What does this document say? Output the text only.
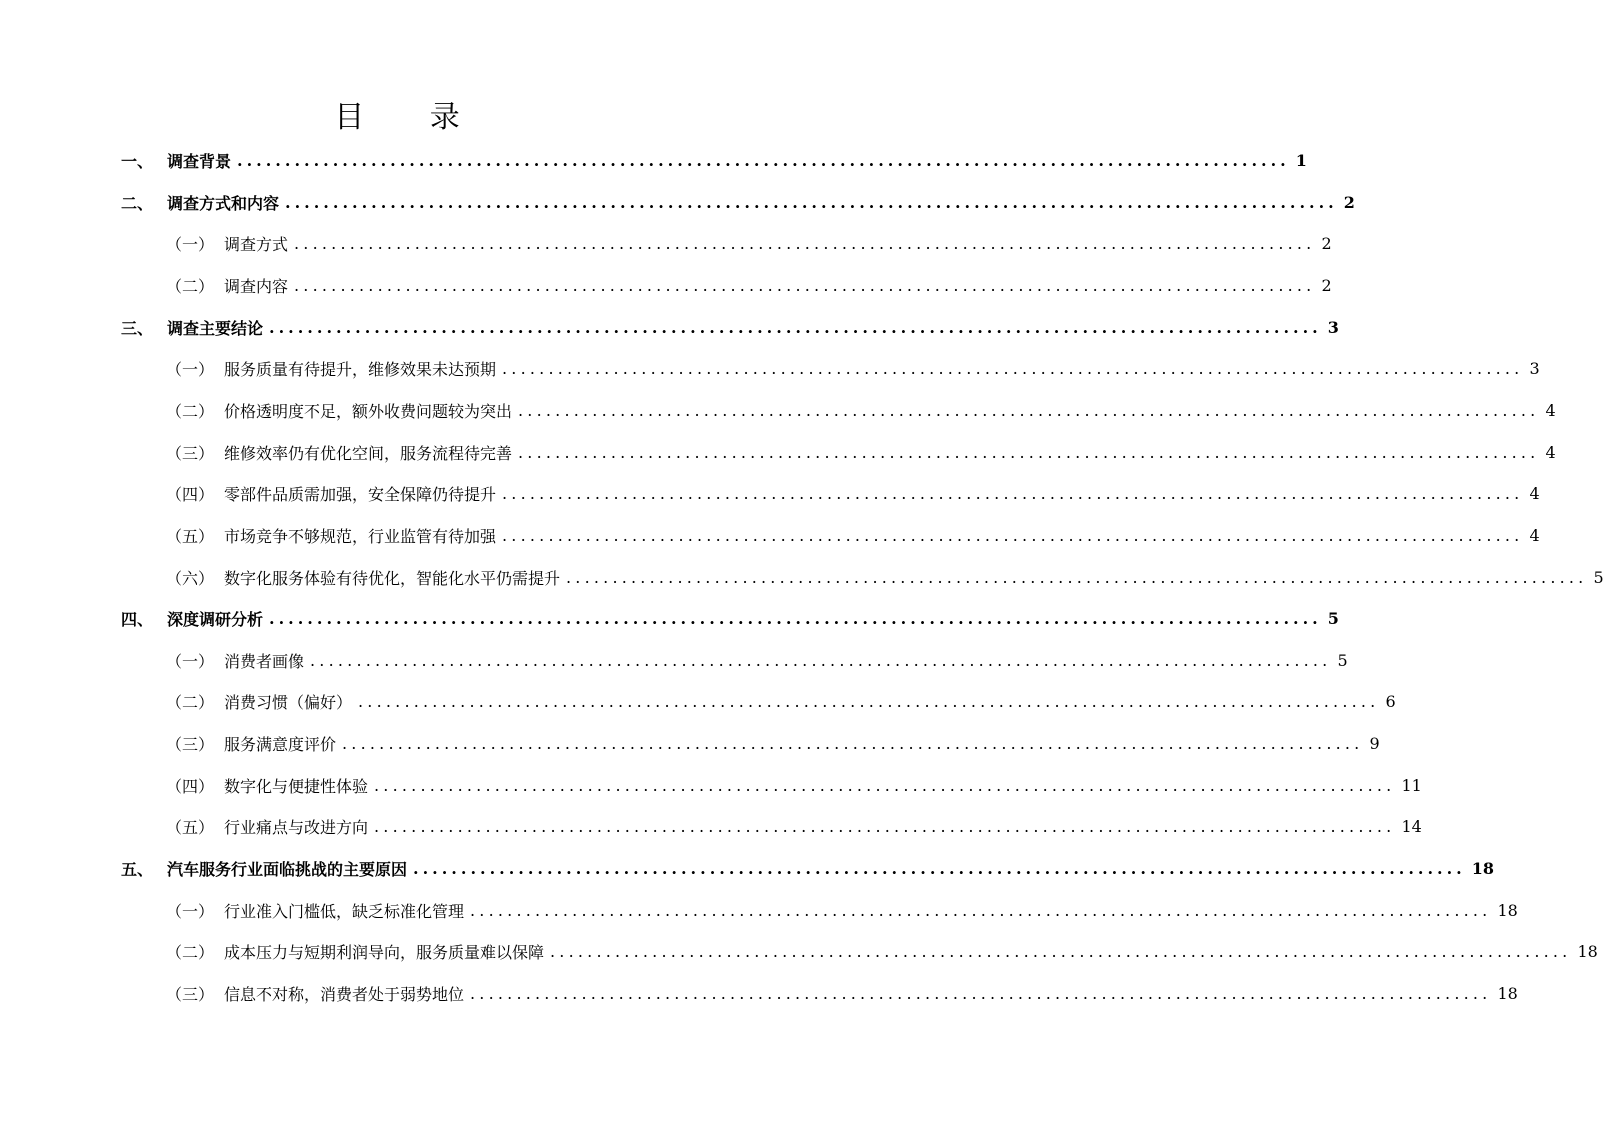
目 录
一、 调查背景 .............................................................................................................. 1
二、 调查方式和内容 .............................................................................................................. 2
（一） 调查方式 .............................................................................................................. 2
（二） 调查内容 .............................................................................................................. 2
三、 调查主要结论 .............................................................................................................. 3
（一） 服务质量有待提升，维修效果未达预期 .............................................................................................................. 3
（二） 价格透明度不足，额外收费问题较为突出 .............................................................................................................. 4
（三） 维修效率仍有优化空间，服务流程待完善 .............................................................................................................. 4
（四） 零部件品质需加强，安全保障仍待提升 .............................................................................................................. 4
（五） 市场竞争不够规范，行业监管有待加强 .............................................................................................................. 4
（六） 数字化服务体验有待优化，智能化水平仍需提升 .............................................................................................................. 5
四、 深度调研分析 .............................................................................................................. 5
（一） 消费者画像 .............................................................................................................. 5
（二） 消费习惯（偏好） .............................................................................................................. 6
（三） 服务满意度评价 .............................................................................................................. 9
（四） 数字化与便捷性体验 .............................................................................................................. 11
（五） 行业痛点与改进方向 .............................................................................................................. 14
五、 汽车服务行业面临挑战的主要原因 .............................................................................................................. 18
（一） 行业准入门槛低，缺乏标准化管理 .............................................................................................................. 18
（二） 成本压力与短期利润导向，服务质量难以保障 .............................................................................................................. 18
（三） 信息不对称，消费者处于弱势地位 .............................................................................................................. 18
